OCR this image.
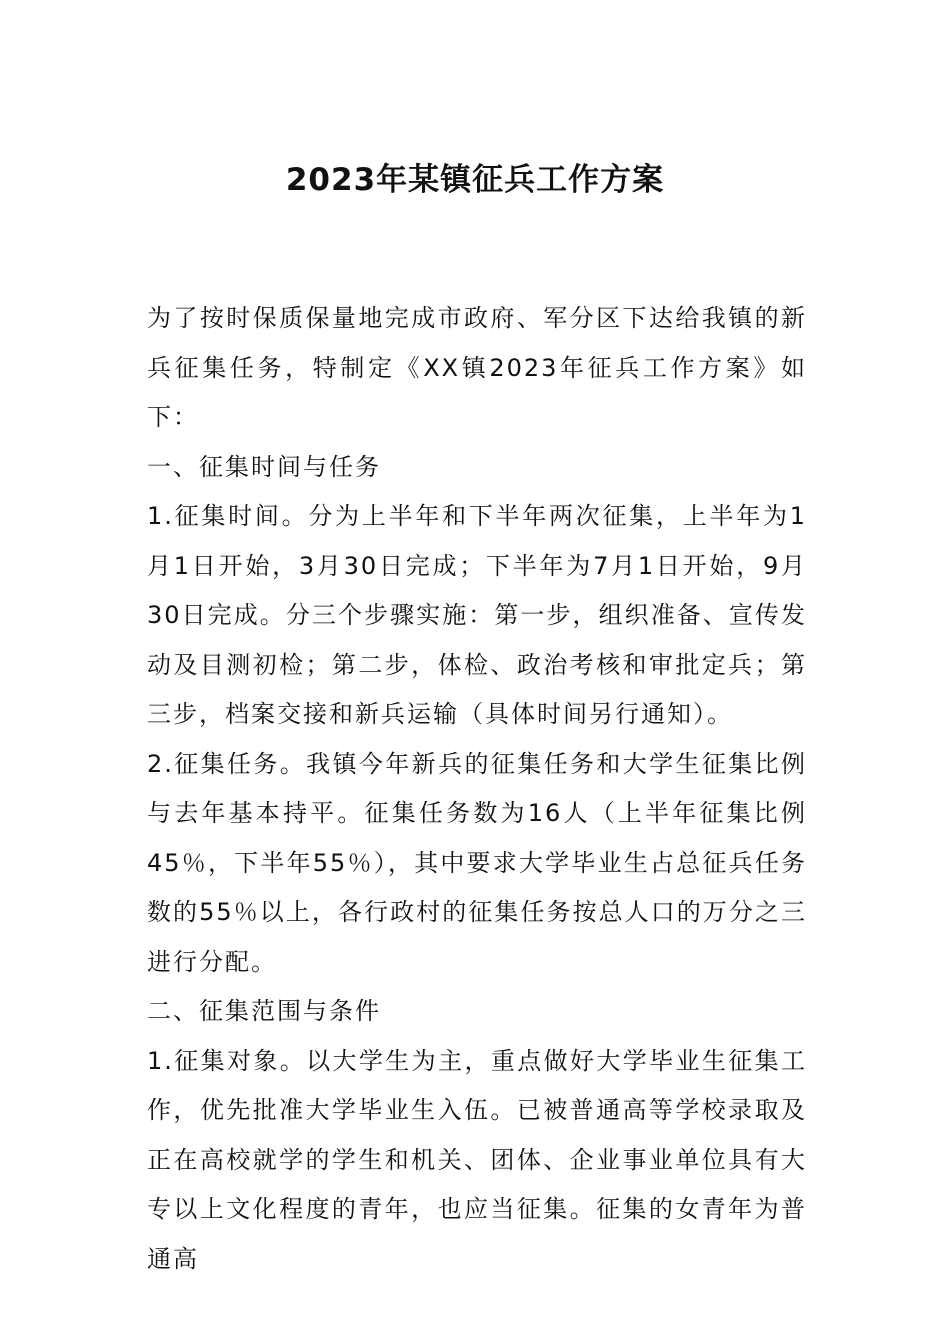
2023年某镇征兵工作方案

为了按时保质保量地完成市政府、军分区下达给我镇的新兵征集任务，特制定《XX镇2023年征兵工作方案》如下：

一、征集时间与任务

1.征集时间。分为上半年和下半年两次征集，上半年为1月1日开始，3月30日完成；下半年为7月1日开始，9月30日完成。分三个步骤实施：第一步，组织准备、宣传发动及目测初检；第二步，体检、政治考核和审批定兵；第三步，档案交接和新兵运输（具体时间另行通知）。

2.征集任务。我镇今年新兵的征集任务和大学生征集比例与去年基本持平。征集任务数为16人（上半年征集比例45％，下半年55％），其中要求大学毕业生占总征兵任务数的55％以上，各行政村的征集任务按总人口的万分之三进行分配。

二、征集范围与条件

1.征集对象。以大学生为主，重点做好大学毕业生征集工作，优先批准大学毕业生入伍。已被普通高等学校录取及正在高校就学的学生和机关、团体、企业事业单位具有大专以上文化程度的青年，也应当征集。征集的女青年为普通高
